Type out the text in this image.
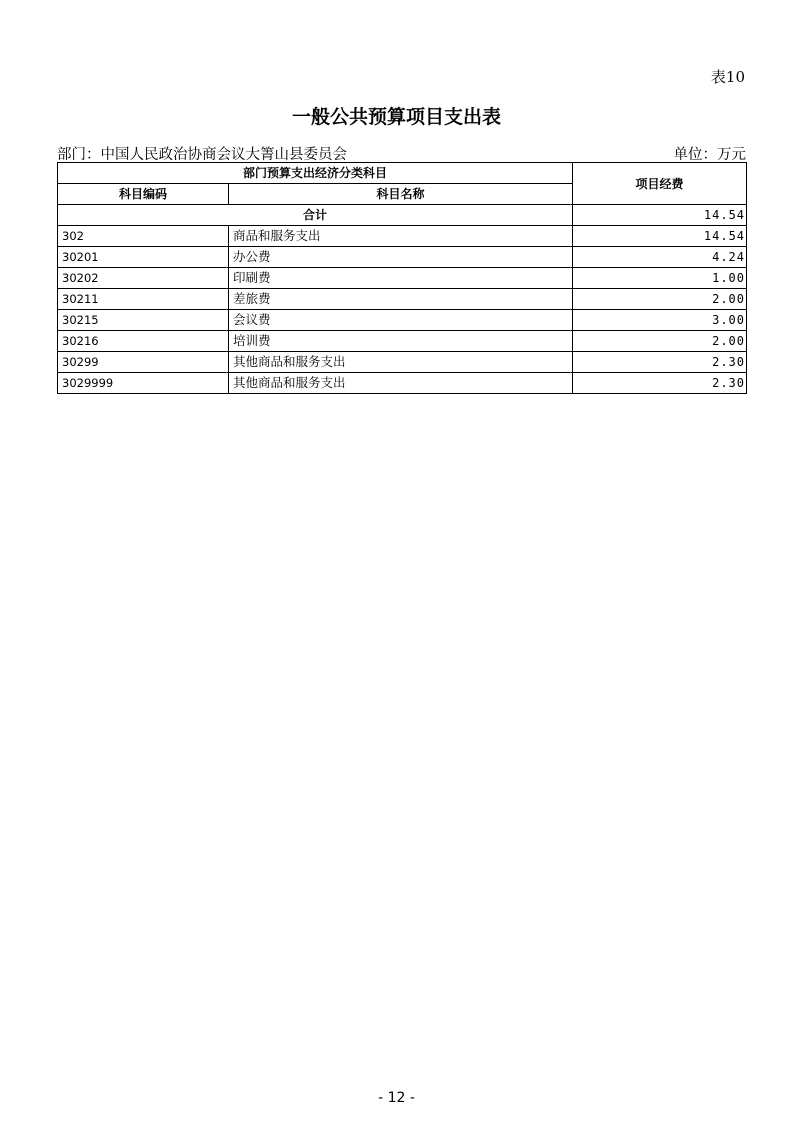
表10
一般公共预算项目支出表
部门：中国人民政治协商会议大箐山县委员会	单位：万元
部门预算支出经济分类科目		项目经费
科目编码	科目名称	
合计		14.54
302	商品和服务支出	14.54
30201	办公费	4.24
30202	印刷费	1.00
30211	差旅费	2.00
30215	会议费	3.00
30216	培训费	2.00
30299	其他商品和服务支出	2.30
3029999	其他商品和服务支出	2.30
- 12 -
